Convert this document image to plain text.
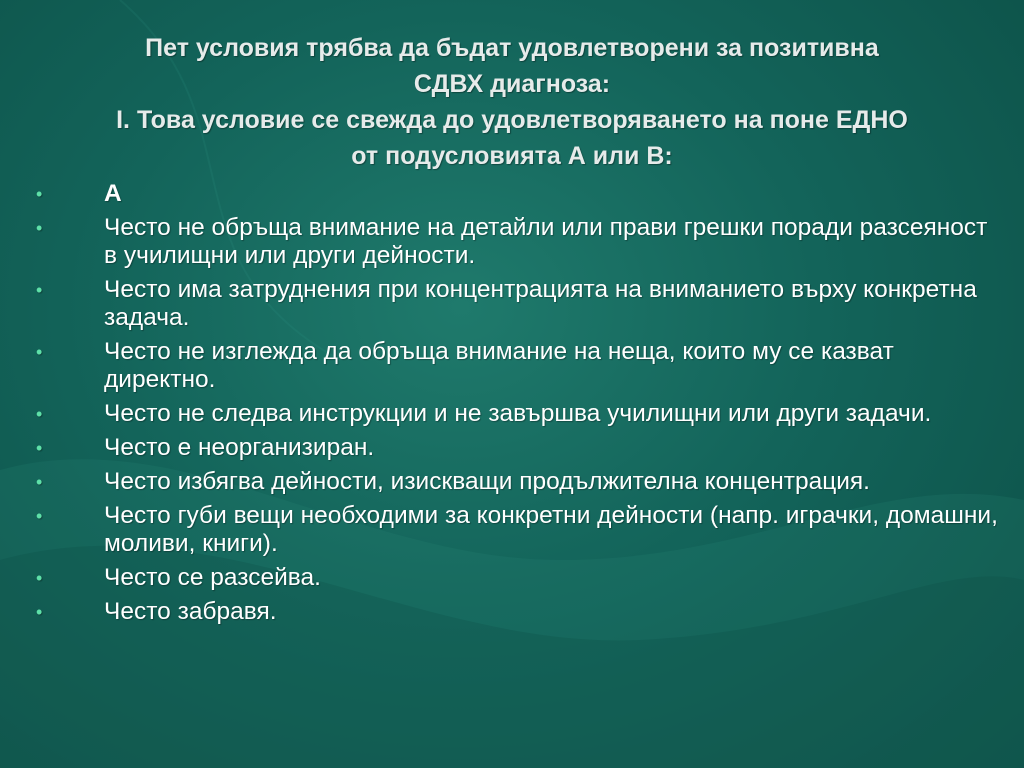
Пет условия трябва да бъдат удовлетворени за позитивна
СДВХ диагноза:
I. Това условие се свежда до удовлетворяването на поне ЕДНО
от подусловията А или В:
•	А
•	Често не обръща внимание на детайли или прави грешки поради разсеяност в училищни или други дейности.
•	Често има затруднения при концентрацията на вниманието върху конкретна задача.
•	Често не изглежда да обръща внимание на неща, които му се казват директно.
•	Често не следва инструкции и не завършва училищни или други задачи.
•	Често е неорганизиран.
•	Често избягва дейности, изискващи продължителна концентрация.
•	Често губи вещи необходими за конкретни дейности (напр. играчки, домашни, моливи, книги).
•	Често се разсейва.
•	Често забравя.
